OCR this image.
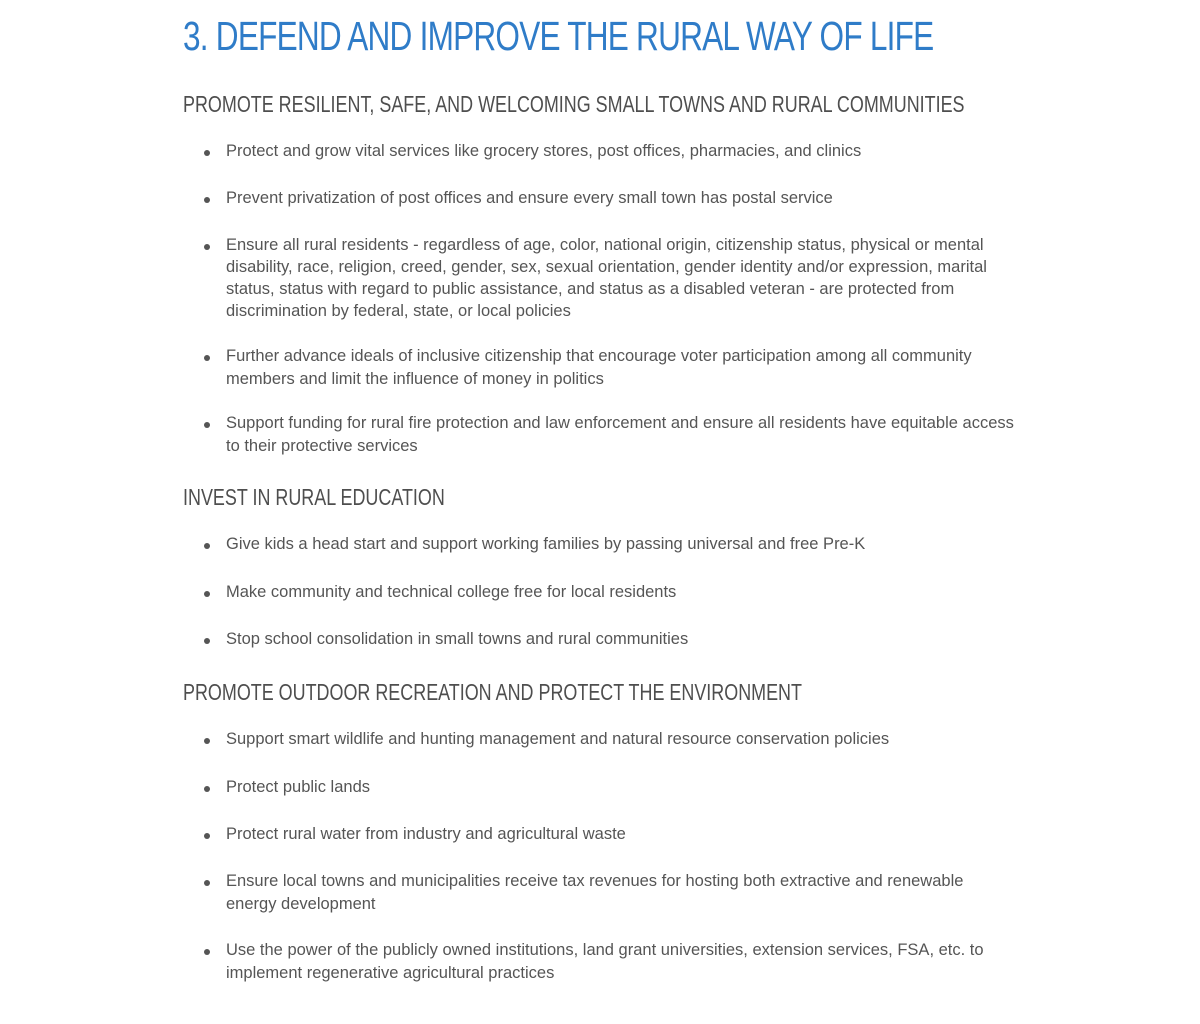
3. DEFEND AND IMPROVE THE RURAL WAY OF LIFE
PROMOTE RESILIENT, SAFE, AND WELCOMING SMALL TOWNS AND RURAL COMMUNITIES
Protect and grow vital services like grocery stores, post offices, pharmacies, and clinics
Prevent privatization of post offices and ensure every small town has postal service
Ensure all rural residents - regardless of age, color, national origin, citizenship status, physical or mental disability, race, religion, creed, gender, sex, sexual orientation, gender identity and/or expression, marital status, status with regard to public assistance, and status as a disabled veteran - are protected from discrimination by federal, state, or local policies
Further advance ideals of inclusive citizenship that encourage voter participation among all community members and limit the influence of money in politics
Support funding for rural fire protection and law enforcement and ensure all residents have equitable access to their protective services
INVEST IN RURAL EDUCATION
Give kids a head start and support working families by passing universal and free Pre-K
Make community and technical college free for local residents
Stop school consolidation in small towns and rural communities
PROMOTE OUTDOOR RECREATION AND PROTECT THE ENVIRONMENT
Support smart wildlife and hunting management and natural resource conservation policies
Protect public lands
Protect rural water from industry and agricultural waste
Ensure local towns and municipalities receive tax revenues for hosting both extractive and renewable energy development
Use the power of the publicly owned institutions, land grant universities, extension services, FSA, etc. to implement regenerative agricultural practices
